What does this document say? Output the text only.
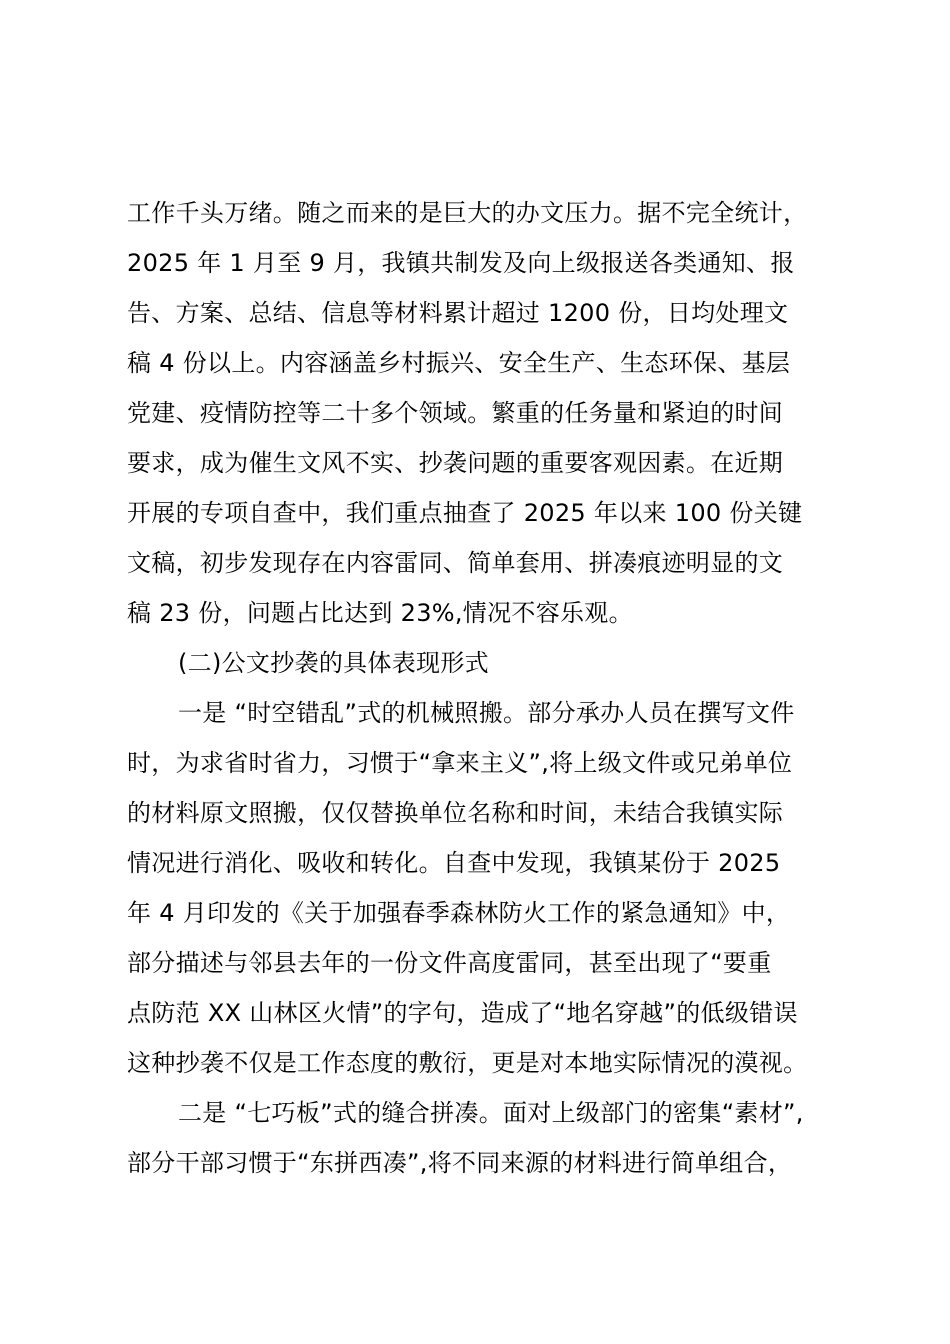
工作千头万绪。随之而来的是巨大的办文压力。据不完全统计，
2025 年 1 月至 9 月，我镇共制发及向上级报送各类通知、报
告、方案、总结、信息等材料累计超过 1200 份，日均处理文
稿 4 份以上。内容涵盖乡村振兴、安全生产、生态环保、基层
党建、疫情防控等二十多个领域。繁重的任务量和紧迫的时间
要求，成为催生文风不实、抄袭问题的重要客观因素。在近期
开展的专项自查中，我们重点抽查了 2025 年以来 100 份关键
文稿，初步发现存在内容雷同、简单套用、拼凑痕迹明显的文
稿 23 份，问题占比达到 23%,情况不容乐观。
(二)公文抄袭的具体表现形式
一是 “时空错乱”式的机械照搬。部分承办人员在撰写文件
时，为求省时省力，习惯于“拿来主义”,将上级文件或兄弟单位
的材料原文照搬，仅仅替换单位名称和时间，未结合我镇实际
情况进行消化、吸收和转化。自查中发现，我镇某份于 2025
年 4 月印发的《关于加强春季森林防火工作的紧急通知》中，
部分描述与邻县去年的一份文件高度雷同，甚至出现了“要重
点防范 XX 山林区火情”的字句，造成了“地名穿越”的低级错误
这种抄袭不仅是工作态度的敷衍，更是对本地实际情况的漠视。
二是 “七巧板”式的缝合拼凑。面对上级部门的密集“素材”,
部分干部习惯于“东拼西凑”,将不同来源的材料进行简单组合，
